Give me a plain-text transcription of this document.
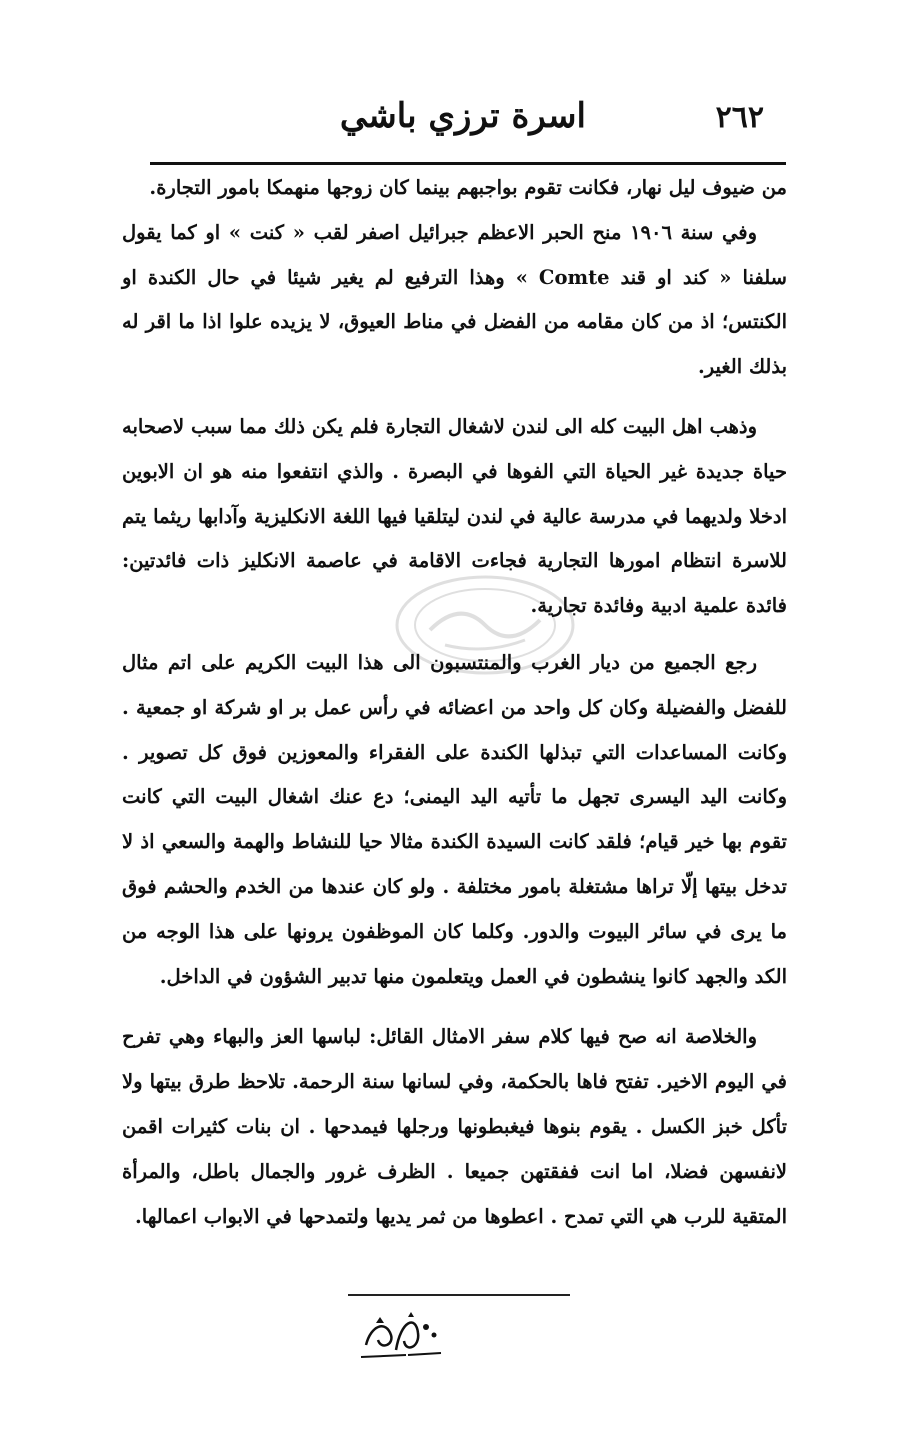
٢٦٢
اسرة ترزي باشي

من ضيوف ليل نهار، فكانت تقوم بواجبهم بينما كان زوجها منهمكا بامور التجارة.

وفي سنة ١٩٠٦ منح الحبر الاعظم جبرائيل اصفر لقب « كنت » او كما يقول سلفنا « كند او قند Comte » وهذا الترفيع لم يغير شيئا في حال الكندة او الكنتس؛ اذ من كان مقامه من الفضل في مناط العيوق، لا يزيده علوا اذا ما اقر له بذلك الغير.

وذهب اهل البيت كله الى لندن لاشغال التجارة فلم يكن ذلك مما سبب لاصحابه حياة جديدة غير الحياة التي الفوها في البصرة . والذي انتفعوا منه هو ان الابوين ادخلا ولديهما في مدرسة عالية في لندن ليتلقيا فيها اللغة الانكليزية وآدابها ريثما يتم للاسرة انتظام امورها التجارية فجاءت الاقامة في عاصمة الانكليز ذات فائدتين: فائدة علمية ادبية وفائدة تجارية.

رجع الجميع من ديار الغرب والمنتسبون الى هذا البيت الكريم على اتم مثال للفضل والفضيلة وكان كل واحد من اعضائه في رأس عمل بر او شركة او جمعية . وكانت المساعدات التي تبذلها الكندة على الفقراء والمعوزين فوق كل تصوير . وكانت اليد اليسرى تجهل ما تأتيه اليد اليمنى؛ دع عنك اشغال البيت التي كانت تقوم بها خير قيام؛ فلقد كانت السيدة الكندة مثالا حيا للنشاط والهمة والسعي اذ لا تدخل بيتها إلّا تراها مشتغلة بامور مختلفة . ولو كان عندها من الخدم والحشم فوق ما يرى في سائر البيوت والدور. وكلما كان الموظفون يرونها على هذا الوجه من الكد والجهد كانوا ينشطون في العمل ويتعلمون منها تدبير الشؤون في الداخل.

والخلاصة انه صح فيها كلام سفر الامثال القائل: لباسها العز والبهاء وهي تفرح في اليوم الاخير. تفتح فاها بالحكمة، وفي لسانها سنة الرحمة. تلاحظ طرق بيتها ولا تأكل خبز الكسل . يقوم بنوها فيغبطونها ورجلها فيمدحها . ان بنات كثيرات اقمن لانفسهن فضلا، اما انت ففقتهن جميعا . الظرف غرور والجمال باطل، والمرأة المتقية للرب هي التي تمدح . اعطوها من ثمر يديها ولتمدحها في الابواب اعمالها.
